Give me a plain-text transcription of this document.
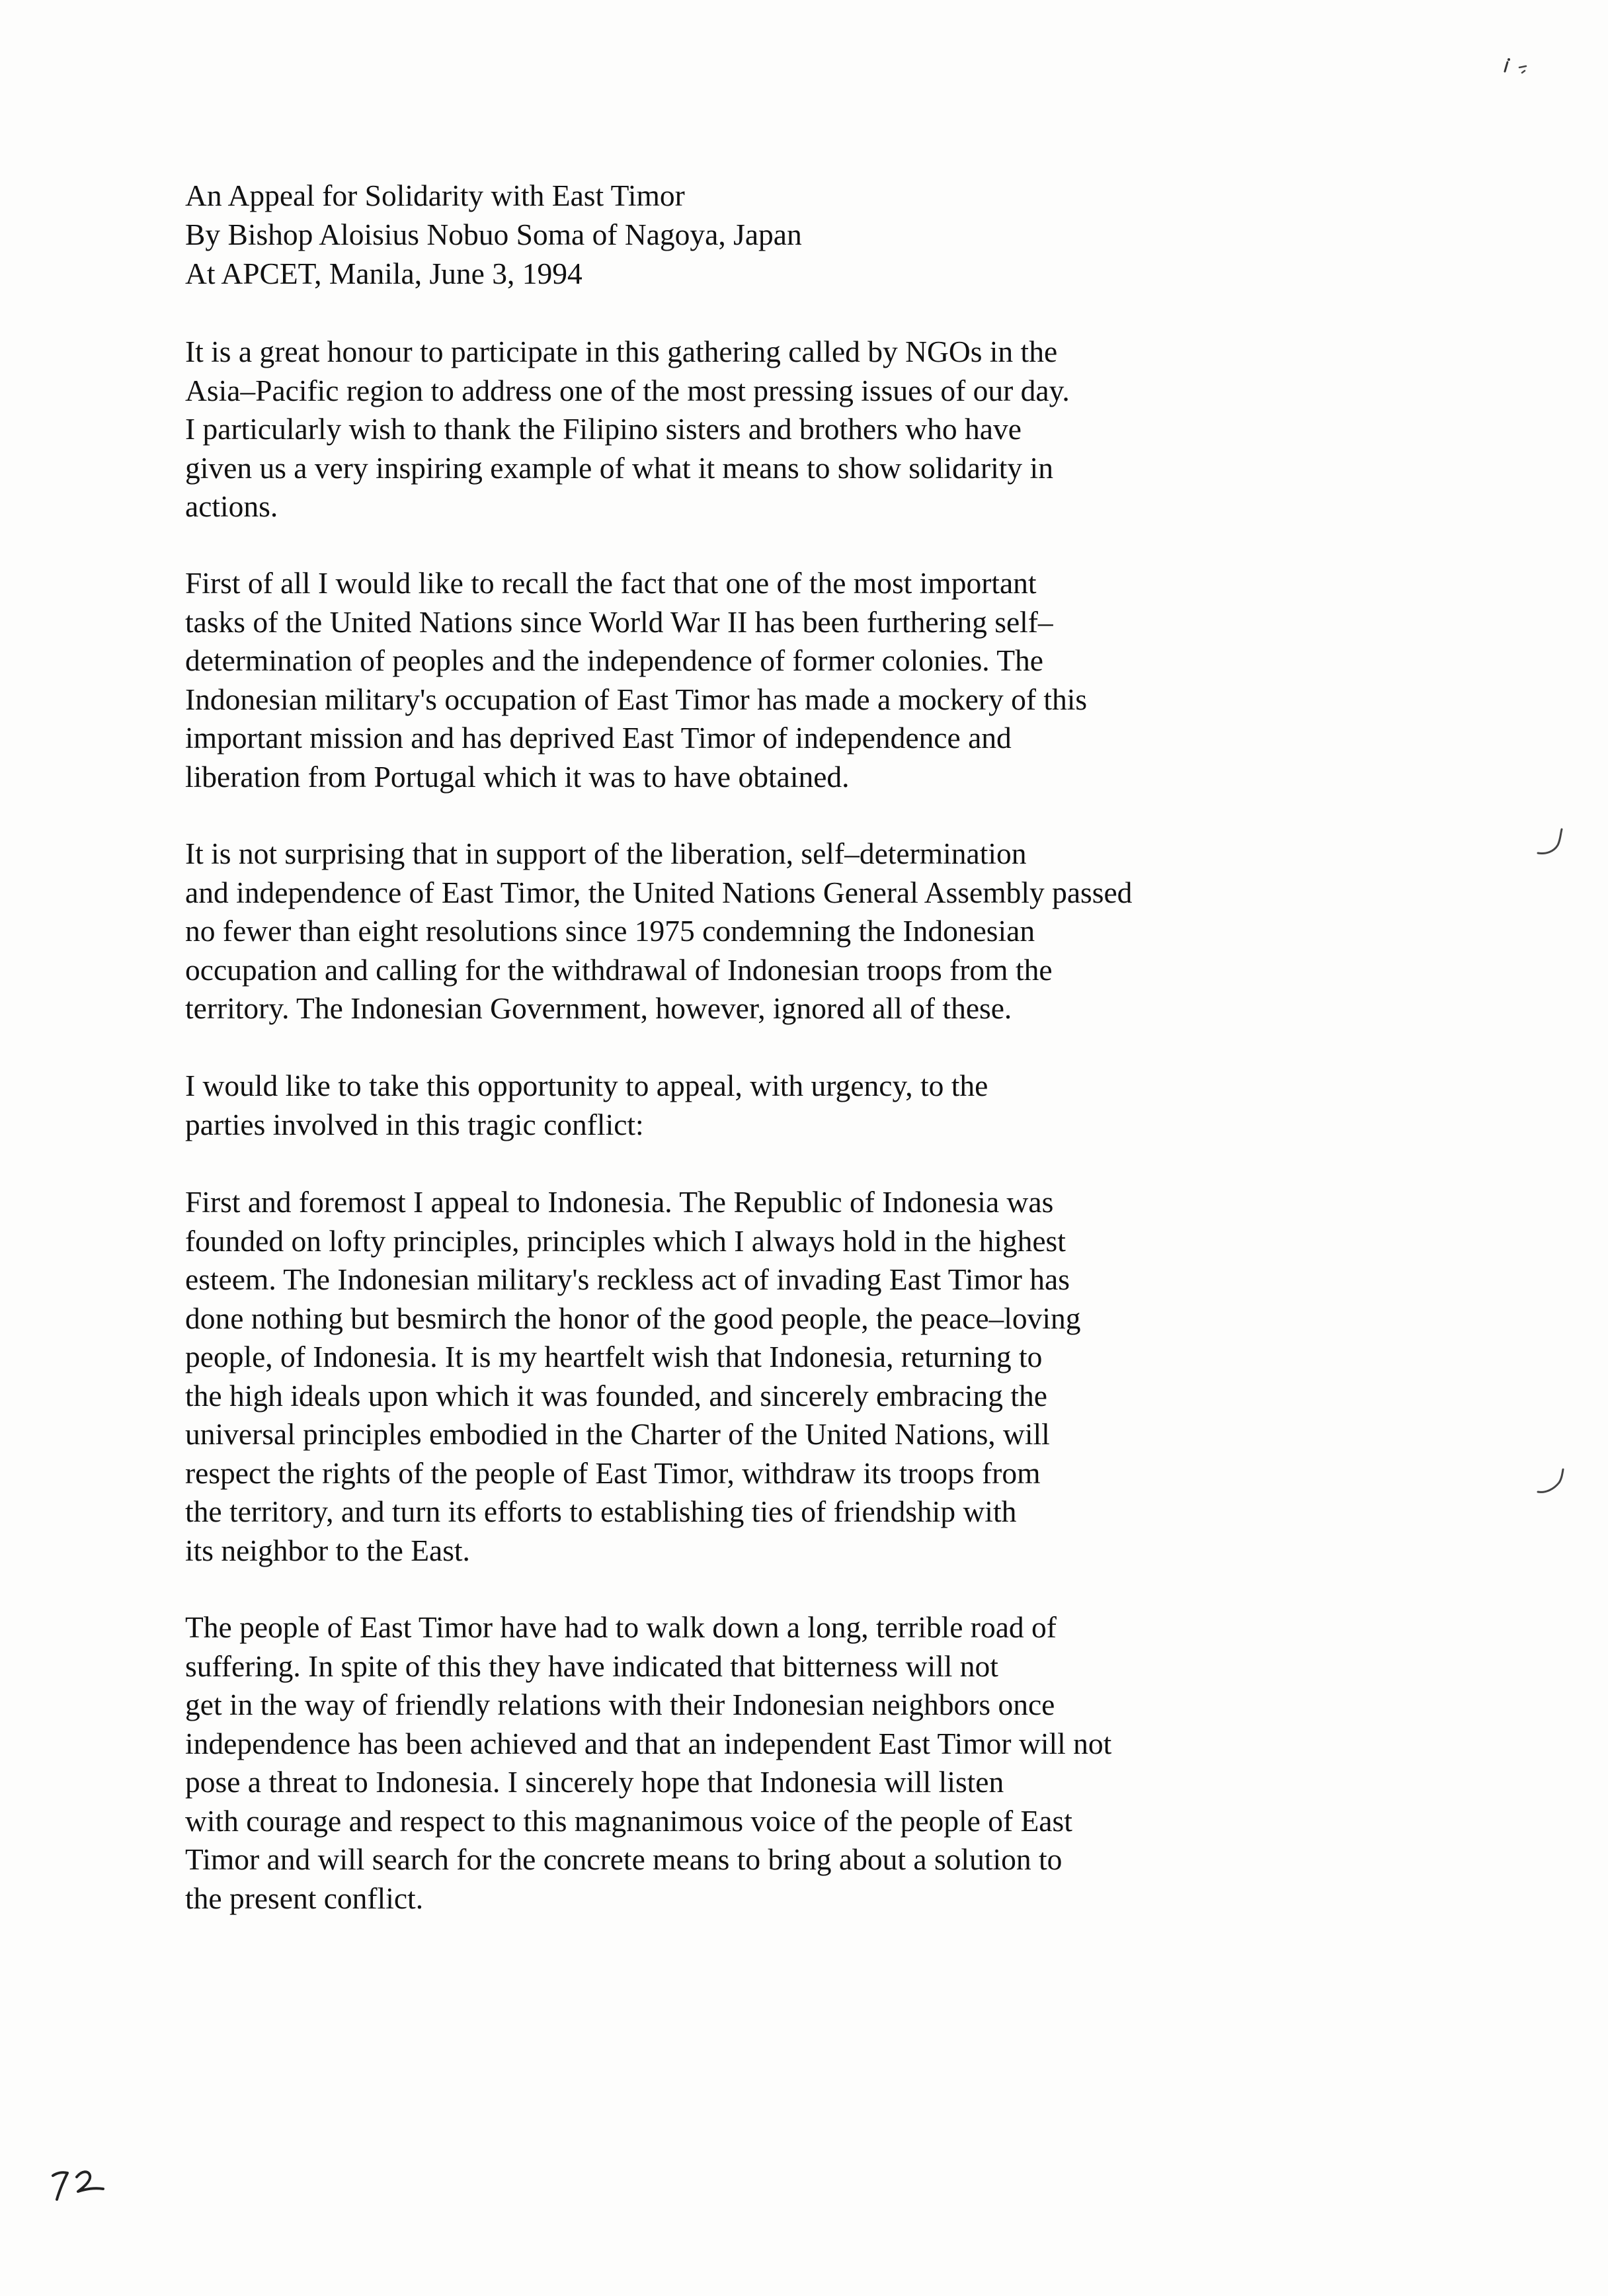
An Appeal for Solidarity with East Timor
By Bishop Aloisius Nobuo Soma of Nagoya, Japan
At APCET, Manila, June 3, 1994
It is a great honour to participate in this gathering called by NGOs in the
Asia–Pacific region to address one of the most pressing issues of our day.
I particularly wish to thank the Filipino sisters and brothers who have
given us a very inspiring example of what it means to show solidarity in
actions.
First of all I would like to recall the fact that one of the most important
tasks of the United Nations since World War II has been furthering self–
determination of peoples and the independence of former colonies. The
Indonesian military's occupation of East Timor has made a mockery of this
important mission and has deprived East Timor of independence and
liberation from Portugal which it was to have obtained.
It is not surprising that in support of the liberation, self–determination
and independence of East Timor, the United Nations General Assembly passed
no fewer than eight resolutions since 1975 condemning the Indonesian
occupation and calling for the withdrawal of Indonesian troops from the
territory. The Indonesian Government, however, ignored all of these.
I would like to take this opportunity to appeal, with urgency, to the
parties involved in this tragic conflict:
First and foremost I appeal to Indonesia. The Republic of Indonesia was
founded on lofty principles, principles which I always hold in the highest
esteem. The Indonesian military's reckless act of invading East Timor has
done nothing but besmirch the honor of the good people, the peace–loving
people, of Indonesia. It is my heartfelt wish that Indonesia, returning to
the high ideals upon which it was founded, and sincerely embracing the
universal principles embodied in the Charter of the United Nations, will
respect the rights of the people of East Timor, withdraw its troops from
the territory, and turn its efforts to establishing ties of friendship with
its neighbor to the East.
The people of East Timor have had to walk down a long, terrible road of
suffering. In spite of this they have indicated that bitterness will not
get in the way of friendly relations with their Indonesian neighbors once
independence has been achieved and that an independent East Timor will not
pose a threat to Indonesia. I sincerely hope that Indonesia will listen
with courage and respect to this magnanimous voice of the people of East
Timor and will search for the concrete means to bring about a solution to
the present conflict.
